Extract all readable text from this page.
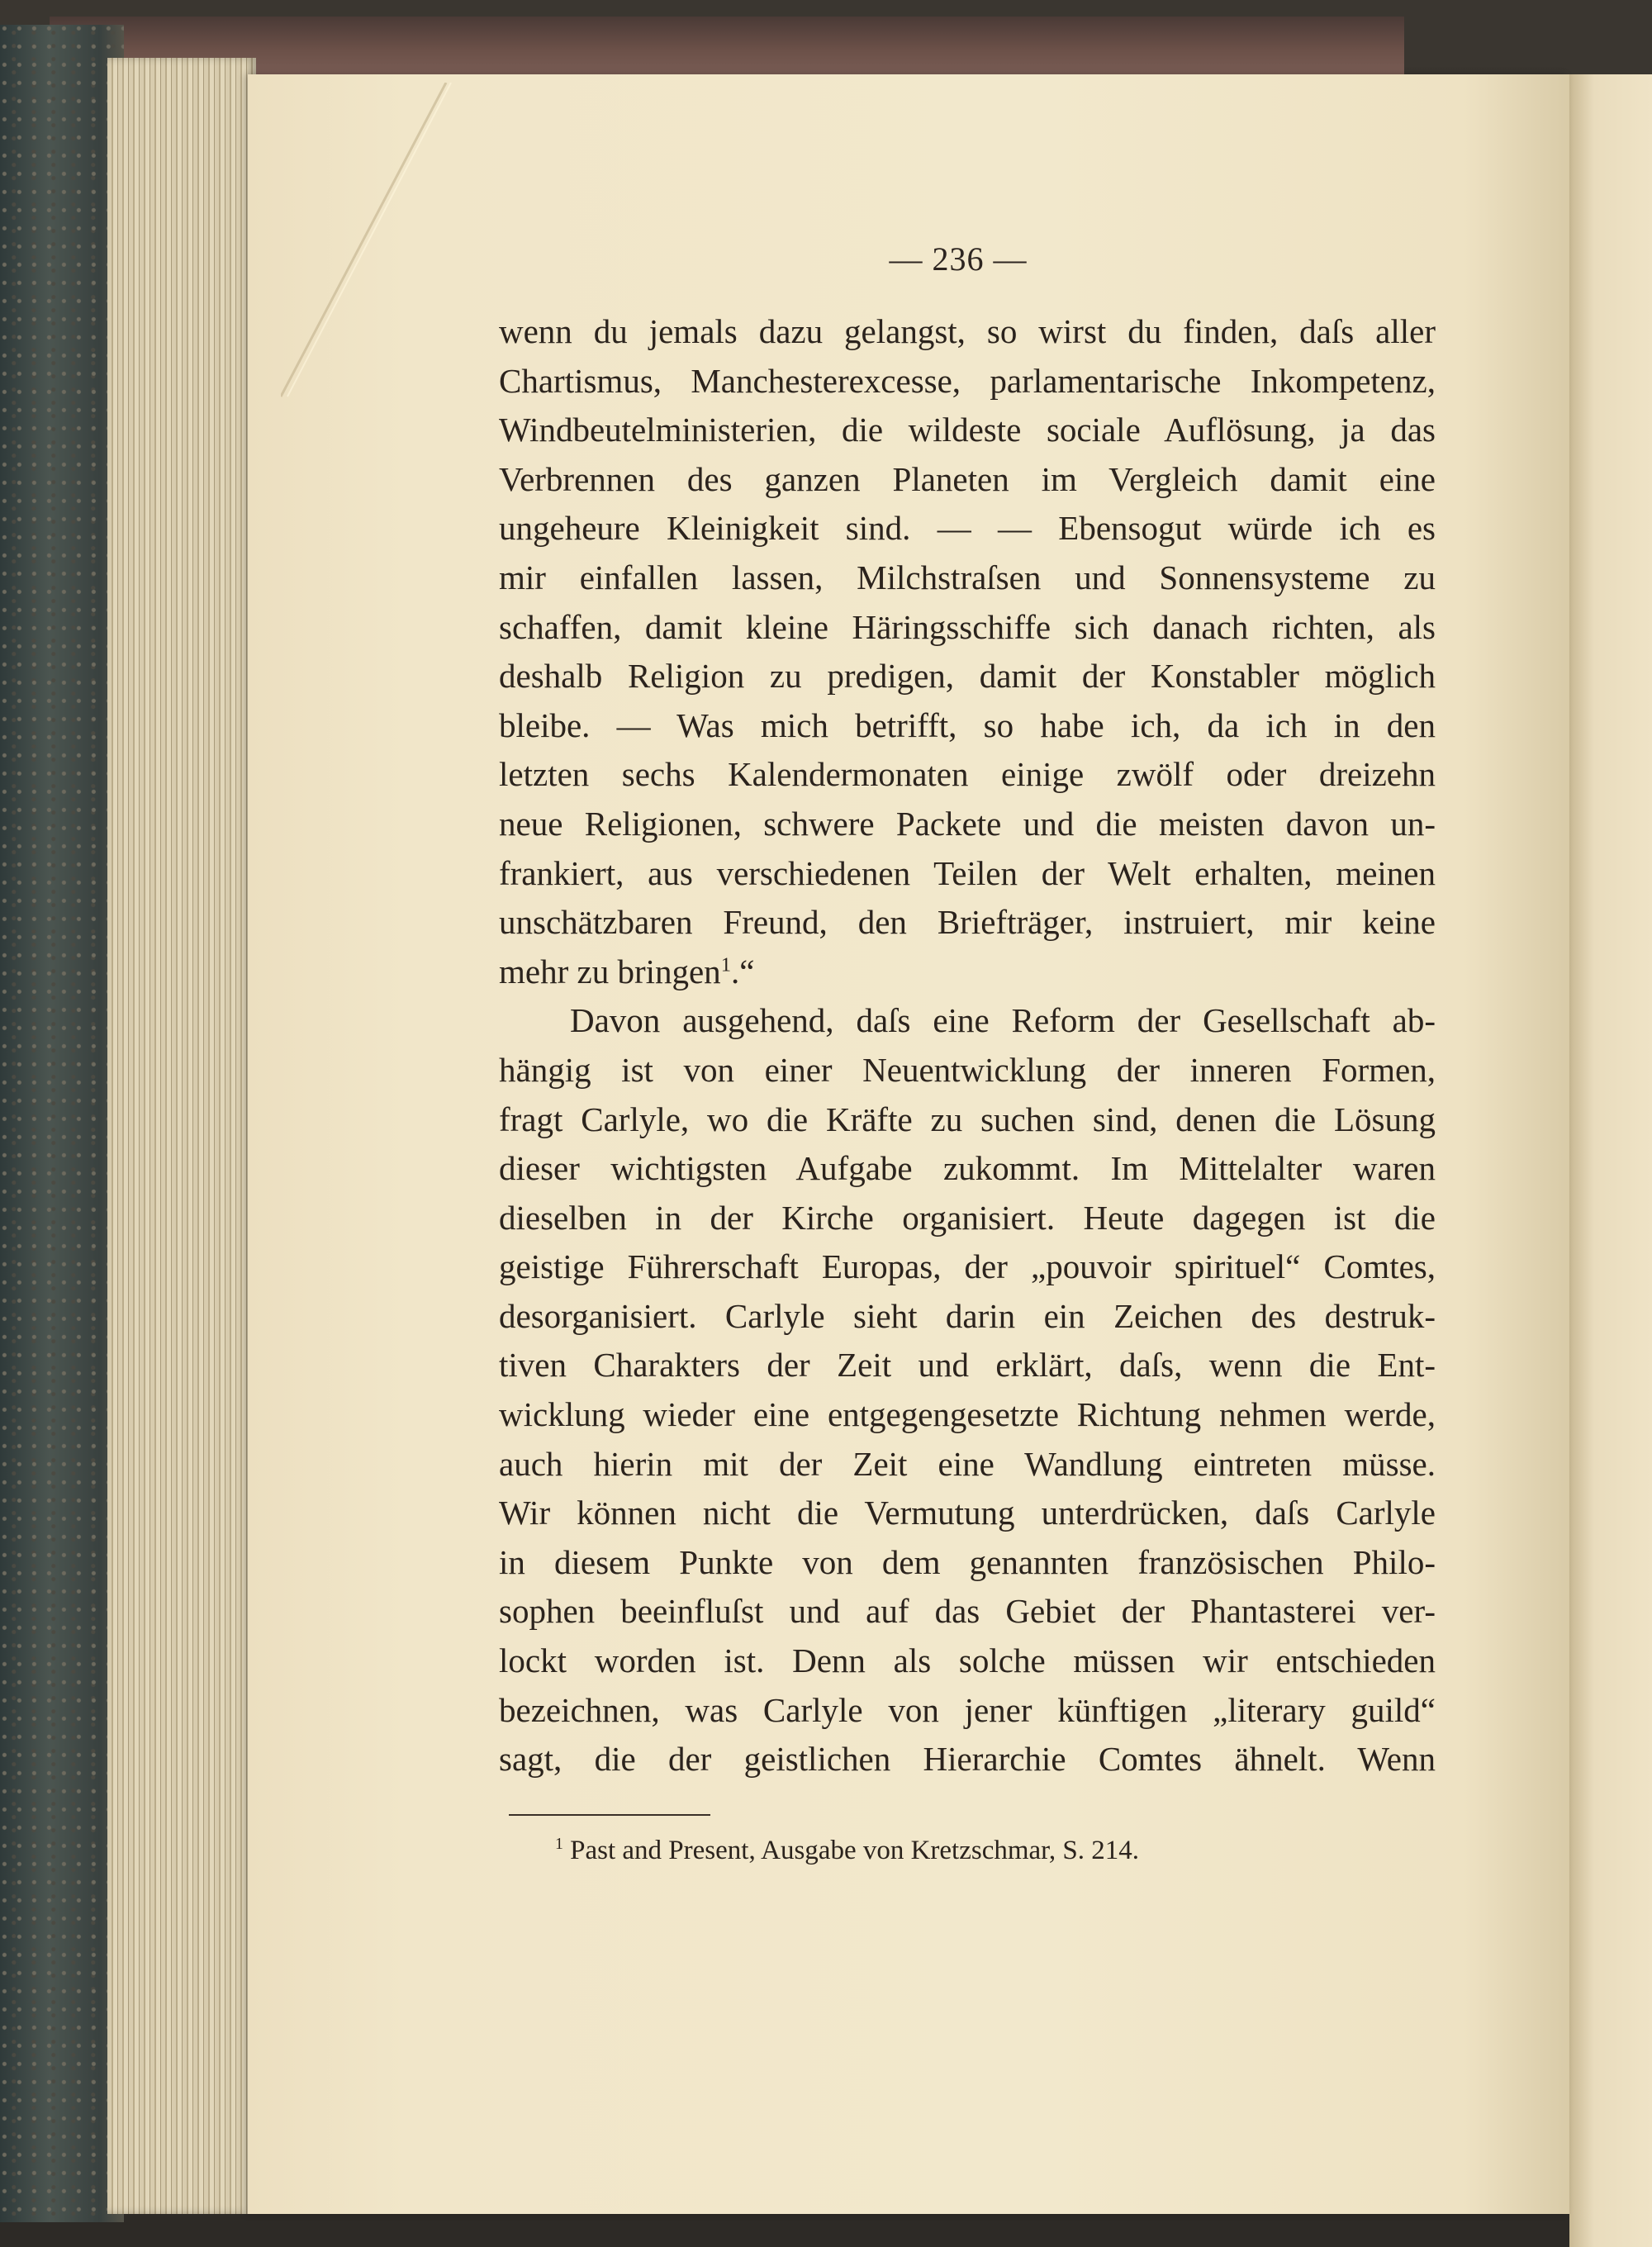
— 236 —
wenn du jemals dazu gelangst, so wirst du finden, daſs aller
Chartismus, Manchesterexcesse, parlamentarische Inkompetenz,
Windbeutelministerien, die wildeste sociale Auflösung, ja das
Verbrennen des ganzen Planeten im Vergleich damit eine
ungeheure Kleinigkeit sind. — — Ebensogut würde ich es
mir einfallen lassen, Milchstraſsen und Sonnensysteme zu
schaffen, damit kleine Häringsschiffe sich danach richten, als
deshalb Religion zu predigen, damit der Konstabler möglich
bleibe. — Was mich betrifft, so habe ich, da ich in den
letzten sechs Kalendermonaten einige zwölf oder dreizehn
neue Religionen, schwere Packete und die meisten davon un-
frankiert, aus verschiedenen Teilen der Welt erhalten, meinen
unschätzbaren Freund, den Briefträger, instruiert, mir keine
mehr zu bringen$^1$.“
Davon ausgehend, daſs eine Reform der Gesellschaft ab-
hängig ist von einer Neuentwicklung der inneren Formen,
fragt Carlyle, wo die Kräfte zu suchen sind, denen die Lösung
dieser wichtigsten Aufgabe zukommt. Im Mittelalter waren
dieselben in der Kirche organisiert. Heute dagegen ist die
geistige Führerschaft Europas, der „pouvoir spirituel“ Comtes,
desorganisiert. Carlyle sieht darin ein Zeichen des destruk-
tiven Charakters der Zeit und erklärt, daſs, wenn die Ent-
wicklung wieder eine entgegengesetzte Richtung nehmen werde,
auch hierin mit der Zeit eine Wandlung eintreten müsse.
Wir können nicht die Vermutung unterdrücken, daſs Carlyle
in diesem Punkte von dem genannten französischen Philo-
sophen beeinfluſst und auf das Gebiet der Phantasterei ver-
lockt worden ist. Denn als solche müssen wir entschieden
bezeichnen, was Carlyle von jener künftigen „literary guild“
sagt, die der geistlichen Hierarchie Comtes ähnelt. Wenn
$^1$ Past and Present, Ausgabe von Kretzschmar, S. 214.
